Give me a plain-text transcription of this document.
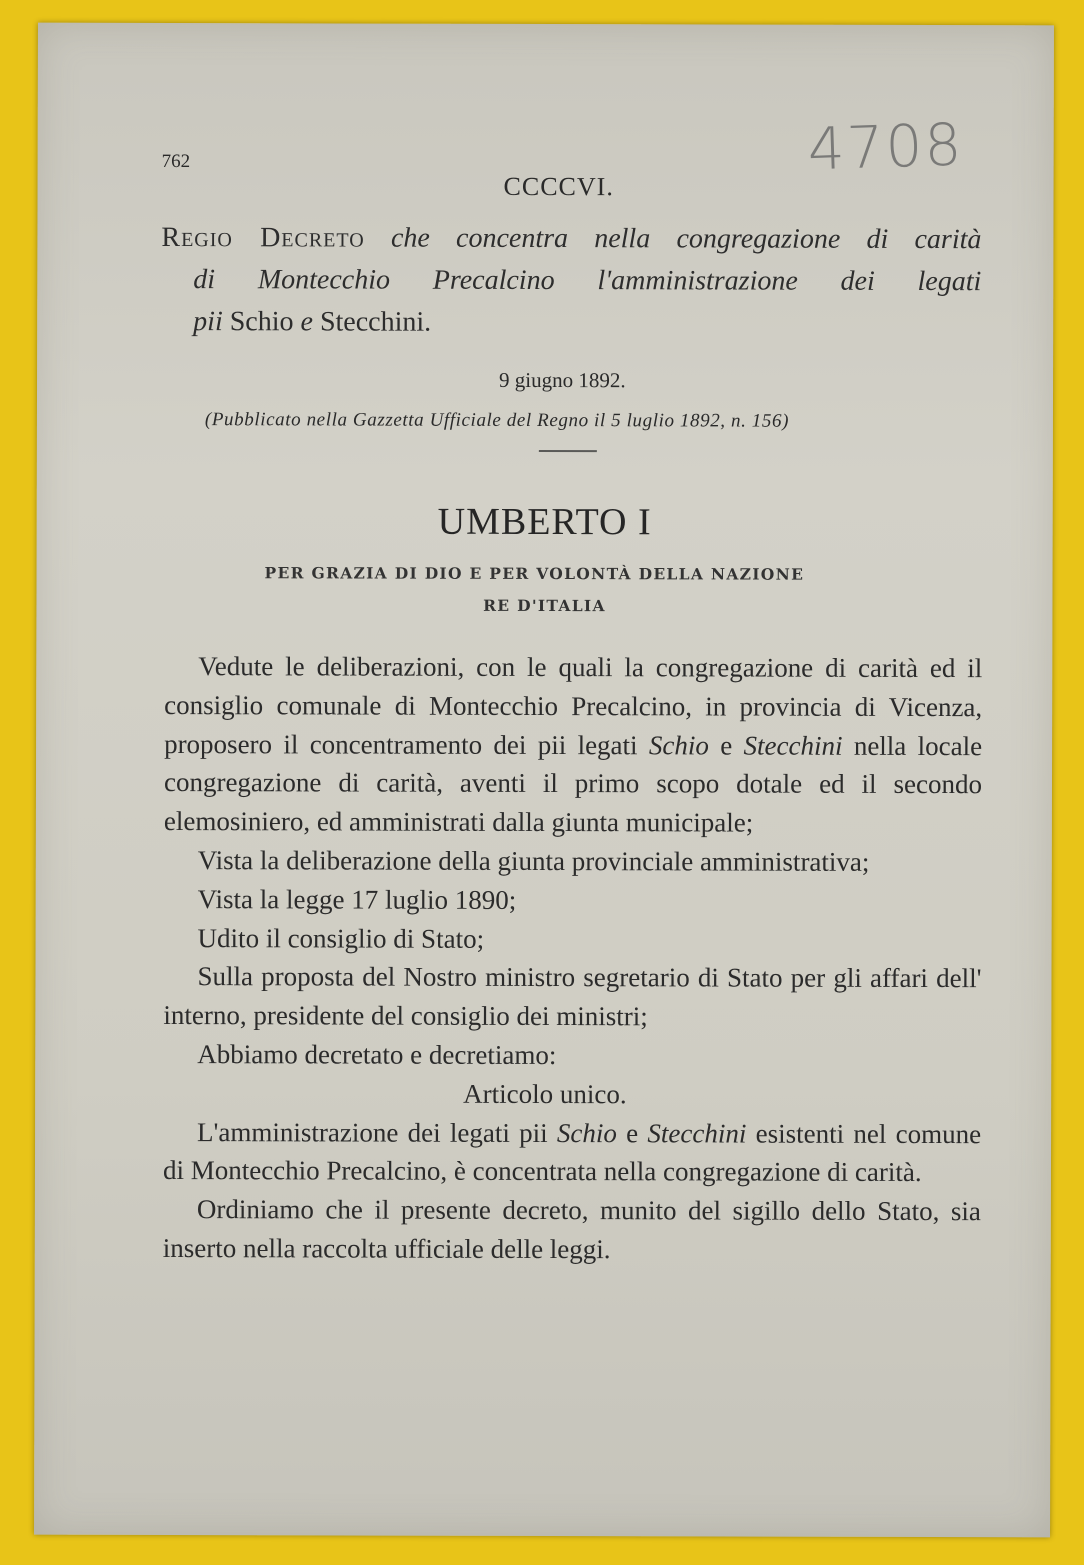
762	4708
CCCCVI.
Regio Decreto che concentra nella congregazione di carità
di Montecchio Precalcino l'amministrazione dei legati
pii Schio e Stecchini.
9 giugno 1892.
(Pubblicato nella Gazzetta Ufficiale del Regno il 5 luglio 1892, n. 156)
UMBERTO I
PER GRAZIA DI DIO E PER VOLONTÀ DELLA NAZIONE
RE D'ITALIA

Vedute le deliberazioni, con le quali la congregazione di carità ed il consiglio comunale di Montecchio Precalcino, in provincia di Vicenza, proposero il concentramento dei pii legati Schio e Stecchini nella locale congregazione di carità, aventi il primo scopo dotale ed il secondo elemosiniero, ed amministrati dalla giunta municipale;

Vista la deliberazione della giunta provinciale amministrativa;

Vista la legge 17 luglio 1890;

Udito il consiglio di Stato;

Sulla proposta del Nostro ministro segretario di Stato per gli affari dell' interno, presidente del consiglio dei ministri;

Abbiamo decretato e decretiamo:

Articolo unico.

L'amministrazione dei legati pii Schio e Stecchini esistenti nel comune di Montecchio Precalcino, è concentrata nella congregazione di carità.

Ordiniamo che il presente decreto, munito del sigillo dello Stato, sia inserto nella raccolta ufficiale delle leggi.
